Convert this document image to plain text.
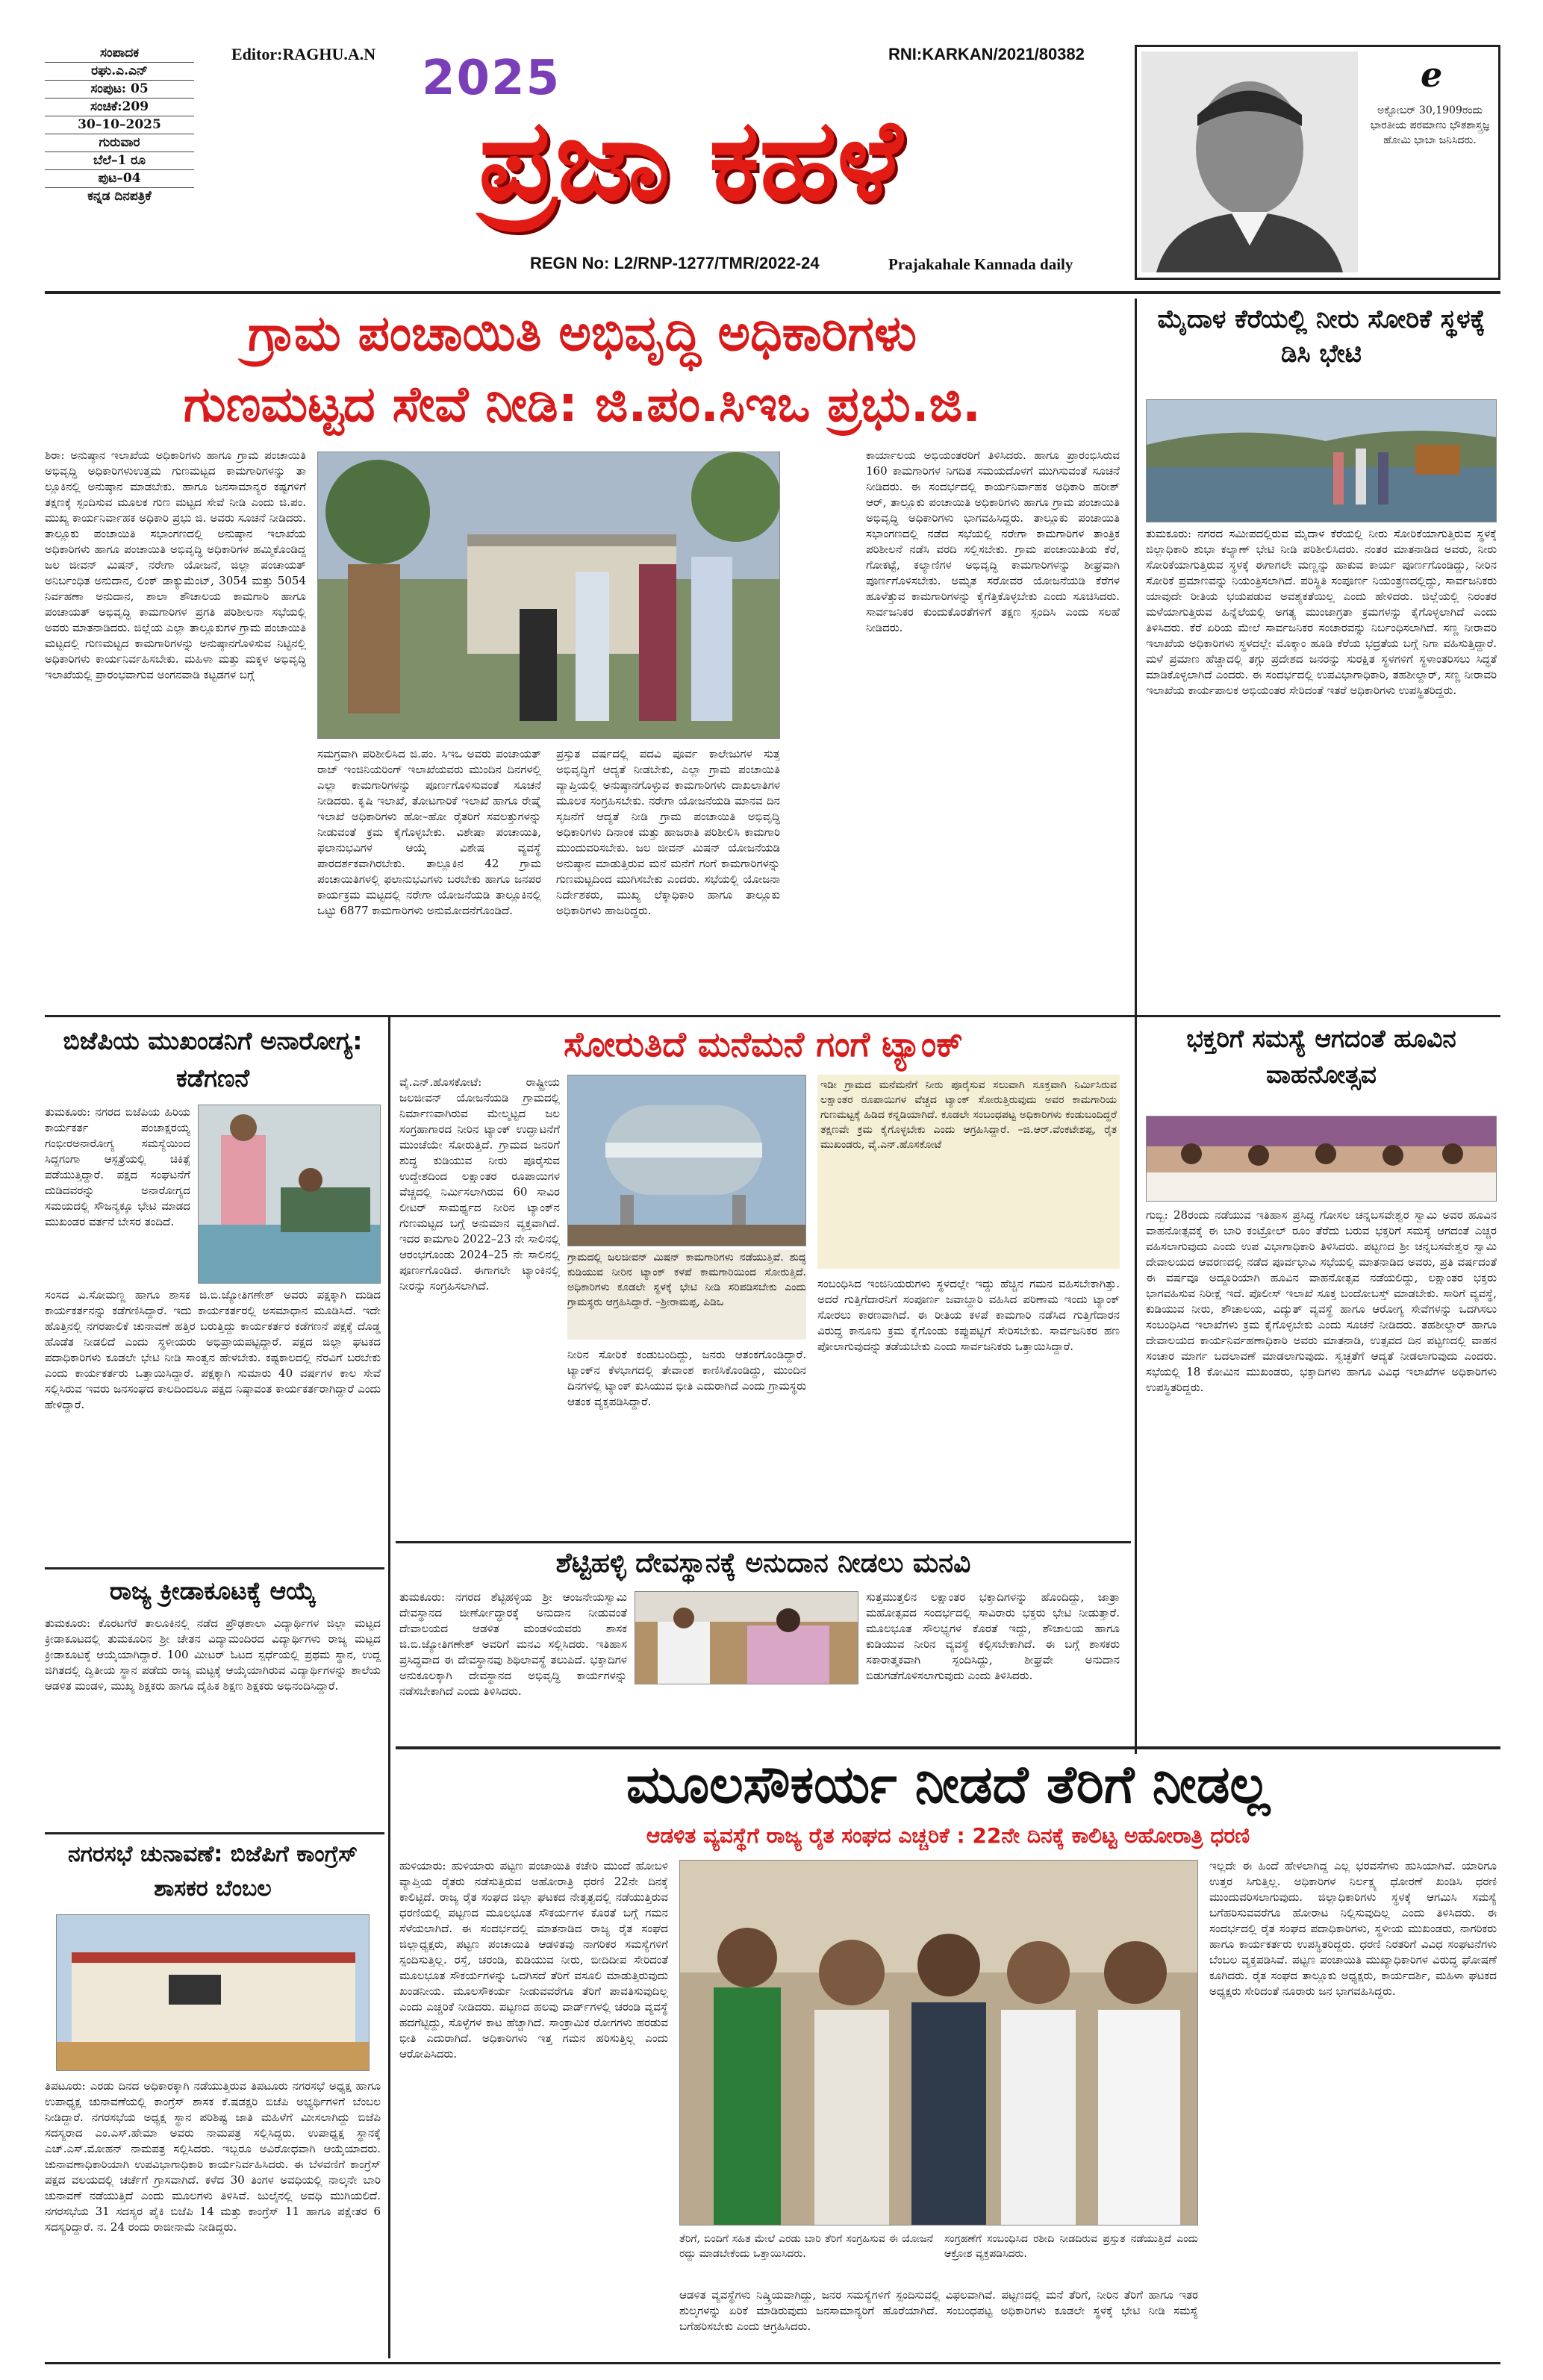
ಸಂಪಾದಕ
ರಘು.ಎ.ಎನ್
ಸಂಪುಟ: 05
ಸಂಚಿಕೆ:209
30–10–2025
ಗುರುವಾರ
ಬೆಲೆ–1 ರೂ
ಪುಟ–04
ಕನ್ನಡ ದಿನಪತ್ರಿಕೆ
Editor:RAGHU.A.N 2025
ಪ್ರಜಾ ಕಹಳೆ
RNI:KARKAN/2021/80382
REGN No: L2/RNP-1277/TMR/2022-24	Prajakahale Kannada daily
e
ಅಕ್ಟೋಬರ್ 30,1909ರಂದು ಭಾರತೀಯ ಪರಮಾಣು ಭೌತಶಾಸ್ತ್ರಜ್ಞ ಹೋಮಿ ಭಾಬಾ ಜನಿಸಿದರು.
ಗ್ರಾಮ ಪಂಚಾಯಿತಿ ಅಭಿವೃದ್ಧಿ ಅಧಿಕಾರಿಗಳು
ಗುಣಮಟ್ಟದ ಸೇವೆ ನೀಡಿ: ಜಿ.ಪಂ.ಸಿಇಒ ಪ್ರಭು.ಜಿ.
ಶಿರಾ: ಅನುಷ್ಠಾನ ಇಲಾಖೆಯ ಅಧಿಕಾರಿಗಳು ಹಾಗೂ ಗ್ರಾಮ ಪಂಚಾಯಿತಿ ಅಭಿವೃದ್ಧಿ ಅಧಿಕಾರಿಗಳುಉತ್ತಮ ಗುಣಮಟ್ಟದ ಕಾಮಗಾರಿಗಳನ್ನು ತಾ ಲ್ಲೂಕಿನಲ್ಲಿ ಅನುಷ್ಠಾನ ಮಾಡಬೇಕು. ಹಾಗೂ ಜನಸಾಮಾನ್ಯರ ಕಷ್ಟಗಳಿಗೆ ತಕ್ಷಣಕ್ಕೆ ಸ್ಪಂದಿಸುವ ಮೂಲಕ ಗುಣ ಮಟ್ಟದ ಸೇವೆ ನೀಡಿ ಎಂದು ಜಿ.ಪಂ. ಮುಖ್ಯ ಕಾರ್ಯನಿರ್ವಾಹಕ ಅಧಿಕಾರಿ ಪ್ರಭು ಜಿ. ಅವರು ಸೂಚನೆ ನೀಡಿದರು. ತಾಲ್ಲೂಕು ಪಂಚಾಯಿತಿ ಸಭಾಂಗಣದಲ್ಲಿ ಅನುಷ್ಠಾನ ಇಲಾಖೆಯ ಅಧಿಕಾರಿಗಳು ಹಾಗೂ ಪಂಚಾಯಿತಿ ಅಭಿವೃದ್ಧಿ ಅಧಿಕಾರಿಗಳ ಹಮ್ಮಿಕೊಂಡಿದ್ದ ಜಲ ಜೀವನ್ ಮಿಷನ್, ನರೇಗಾ ಯೋಜನೆ, ಜಿಲ್ಲಾ ಪಂಚಾಯತ್ ಅನಿರ್ಬಂಧಿತ ಅನುದಾನ, ಲಿಂಕ್ ಡಾಕ್ಯುಮೆಂಟ್, 3054 ಮತ್ತು 5054 ನಿರ್ವಹಣಾ ಅನುದಾನ, ಶಾಲಾ ಶೌಚಾಲಯ ಕಾಮಗಾರಿ ಹಾಗೂ ಪಂಚಾಯತ್ ಅಭಿವೃದ್ಧಿ ಕಾಮಗಾರಿಗಳ ಪ್ರಗತಿ ಪರಿಶೀಲನಾ ಸಭೆಯಲ್ಲಿ ಅವರು ಮಾತನಾಡಿದರು. ಜಿಲ್ಲೆಯ ಎಲ್ಲಾ ತಾಲ್ಲೂಕುಗಳ ಗ್ರಾಮ ಪಂಚಾಯಿತಿ ಮಟ್ಟದಲ್ಲಿ ಗುಣಮಟ್ಟದ ಕಾಮಗಾರಿಗಳನ್ನು ಅನುಷ್ಠಾನಗೊಳಿಸುವ ನಿಟ್ಟಿನಲ್ಲಿ ಅಧಿಕಾರಿಗಳು ಕಾರ್ಯನಿರ್ವಹಿಸಬೇಕು. ಮಹಿಳಾ ಮತ್ತು ಮಕ್ಕಳ ಅಭಿವೃದ್ಧಿ ಇಲಾಖೆಯಲ್ಲಿ ಪ್ರಾರಂಭವಾಗುವ ಅಂಗನವಾಡಿ ಕಟ್ಟಡಗಳ ಬಗ್ಗೆ
ಸಮಗ್ರವಾಗಿ ಪರಿಶೀಲಿಸಿದ ಜಿ.ಪಂ. ಸಿಇಒ ಅವರು ಪಂಚಾಯತ್ ರಾಜ್ ಇಂಜಿನಿಯರಿಂಗ್ ಇಲಾಖೆಯವರು ಮುಂದಿನ ದಿನಗಳಲ್ಲಿ ಎಲ್ಲಾ ಕಾಮಗಾರಿಗಳನ್ನು ಪೂರ್ಣಗೊಳಿಸುವಂತೆ ಸೂಚನೆ ನೀಡಿದರು. ಕೃಷಿ ಇಲಾಖೆ, ತೋಟಗಾರಿಕೆ ಇಲಾಖೆ ಹಾಗೂ ರೇಷ್ಮೆ ಇಲಾಖೆ ಅಧಿಕಾರಿಗಳು ಹೋ–ಹೋ ರೈತರಿಗೆ ಸವಲತ್ತುಗಳನ್ನು ನೀಡುವಂತೆ ಕ್ರಮ ಕೈಗೊಳ್ಳಬೇಕು. ವಿಶೇಷಾ ಪಂಚಾಯಿತಿ, ಫಲಾನುಭವಿಗಳ ಆಯ್ಕೆ ವಿಶೇಷ ವ್ಯವಸ್ಥೆ ಪಾರದರ್ಶಕವಾಗಿರಬೇಕು. ತಾಲ್ಲೂಕಿನ 42 ಗ್ರಾಮ ಪಂಚಾಯಿತಿಗಳಲ್ಲಿ ಫಲಾನುಭವಿಗಳು ಬರಬೇಕು ಹಾಗೂ ಜನಪರ ಕಾರ್ಯಕ್ರಮ ಮಟ್ಟದಲ್ಲಿ ನರೇಗಾ ಯೋಜನೆಯಡಿ ತಾಲ್ಲೂಕಿನಲ್ಲಿ ಒಟ್ಟು 6877 ಕಾಮಗಾರಿಗಳು ಅನುಮೋದನೆಗೊಂಡಿದೆ.
ಪ್ರಸ್ತುತ ವರ್ಷದಲ್ಲಿ ಪದವಿ ಪೂರ್ವ ಕಾಲೇಜುಗಳ ಸುತ್ತ ಅಭಿವೃದ್ಧಿಗೆ ಆದ್ಯತೆ ನೀಡಬೇಕು, ಎಲ್ಲಾ ಗ್ರಾಮ ಪಂಚಾಯಿತಿ ವ್ಯಾಪ್ತಿಯಲ್ಲಿ ಅನುಷ್ಠಾನಗೊಳ್ಳುವ ಕಾಮಗಾರಿಗಳು ದಾಖಲಾತಿಗಳ ಮೂಲಕ ಸಂಗ್ರಹಿಸಬೇಕು. ನರೇಗಾ ಯೋಜನೆಯಡಿ ಮಾನವ ದಿನ ಸೃಜನೆಗೆ ಆದ್ಯತೆ ನೀಡಿ ಗ್ರಾಮ ಪಂಚಾಯಿತಿ ಅಭಿವೃದ್ಧಿ ಅಧಿಕಾರಿಗಳು ದಿನಾಂಕ ಮತ್ತು ಹಾಜರಾತಿ ಪರಿಶೀಲಿಸಿ ಕಾಮಗಾರಿ ಮುಂದುವರಿಸಬೇಕು. ಜಲ ಜೀವನ್ ಮಿಷನ್ ಯೋಜನೆಯಡಿ ಅನುಷ್ಠಾನ ಮಾಡುತ್ತಿರುವ ಮನೆ ಮನೆಗೆ ಗಂಗೆ ಕಾಮಗಾರಿಗಳನ್ನು ಗುಣಮಟ್ಟದಿಂದ ಮುಗಿಸಬೇಕು ಎಂದರು. ಸಭೆಯಲ್ಲಿ ಯೋಜನಾ ನಿರ್ದೇಶಕರು, ಮುಖ್ಯ ಲೆಕ್ಕಾಧಿಕಾರಿ ಹಾಗೂ ತಾಲ್ಲೂಕು ಅಧಿಕಾರಿಗಳು ಹಾಜರಿದ್ದರು.
ಕಾರ್ಯಾಲಯ ಅಭಿಯಂತರರಿಗೆ ತಿಳಿಸಿದರು. ಹಾಗೂ ಪ್ರಾರಂಭಿಸಿರುವ 160 ಕಾಮಗಾರಿಗಳ ನಿಗದಿತ ಸಮಯದೊಳಗೆ ಮುಗಿಸುವಂತೆ ಸೂಚನೆ ನೀಡಿದರು. ಈ ಸಂದರ್ಭದಲ್ಲಿ ಕಾರ್ಯನಿರ್ವಾಹಕ ಅಧಿಕಾರಿ ಹರೀಶ್ ಆರ್, ತಾಲ್ಲೂಕು ಪಂಚಾಯಿತಿ ಅಧಿಕಾರಿಗಳು ಹಾಗೂ ಗ್ರಾಮ ಪಂಚಾಯಿತಿ ಅಭಿವೃದ್ಧಿ ಅಧಿಕಾರಿಗಳು ಭಾಗವಹಿಸಿದ್ದರು. ತಾಲ್ಲೂಕು ಪಂಚಾಯಿತಿ ಸಭಾಂಗಣದಲ್ಲಿ ನಡೆದ ಸಭೆಯಲ್ಲಿ ನರೇಗಾ ಕಾಮಗಾರಿಗಳ ತಾಂತ್ರಿಕ ಪರಿಶೀಲನೆ ನಡೆಸಿ ವರದಿ ಸಲ್ಲಿಸಬೇಕು. ಗ್ರಾಮ ಪಂಚಾಯಿತಿಯ ಕೆರೆ, ಗೋಕಟ್ಟೆ, ಕಲ್ಯಾಣಿಗಳ ಅಭಿವೃದ್ಧಿ ಕಾಮಗಾರಿಗಳನ್ನು ಶೀಘ್ರವಾಗಿ ಪೂರ್ಣಗೊಳಿಸಬೇಕು. ಅಮೃತ ಸರೋವರ ಯೋಜನೆಯಡಿ ಕೆರೆಗಳ ಹೂಳೆತ್ತುವ ಕಾಮಗಾರಿಗಳನ್ನು ಕೈಗೆತ್ತಿಕೊಳ್ಳಬೇಕು ಎಂದು ಸೂಚಿಸಿದರು. ಸಾರ್ವಜನಿಕರ ಕುಂದುಕೊರತೆಗಳಿಗೆ ತಕ್ಷಣ ಸ್ಪಂದಿಸಿ ಎಂದು ಸಲಹೆ ನೀಡಿದರು.
ಮೈದಾಳ ಕೆರೆಯಲ್ಲಿ ನೀರು ಸೋರಿಕೆ ಸ್ಥಳಕ್ಕೆ ಡಿಸಿ ಭೇಟಿ
ತುಮಕೂರು: ನಗರದ ಸಮೀಪದಲ್ಲಿರುವ ಮೈದಾಳ ಕೆರೆಯಲ್ಲಿ ನೀರು ಸೋರಿಕೆಯಾಗುತ್ತಿರುವ ಸ್ಥಳಕ್ಕೆ ಜಿಲ್ಲಾಧಿಕಾರಿ ಶುಭಾ ಕಲ್ಯಾಣ್ ಭೇಟಿ ನೀಡಿ ಪರಿಶೀಲಿಸಿದರು. ನಂತರ ಮಾತನಾಡಿದ ಅವರು, ನೀರು ಸೋರಿಕೆಯಾಗುತ್ತಿರುವ ಸ್ಥಳಕ್ಕೆ ಈಗಾಗಲೇ ಮಣ್ಣನ್ನು ಹಾಕುವ ಕಾರ್ಯ ಪೂರ್ಣಗೊಂಡಿದ್ದು, ನೀರಿನ ಸೋರಿಕೆ ಪ್ರಮಾಣವನ್ನು ನಿಯಂತ್ರಿಸಲಾಗಿದೆ. ಪರಿಸ್ಥಿತಿ ಸಂಪೂರ್ಣ ನಿಯಂತ್ರಣದಲ್ಲಿದ್ದು, ಸಾರ್ವಜನಿಕರು ಯಾವುದೇ ರೀತಿಯ ಭಯಪಡುವ ಅವಶ್ಯಕತೆಯಿಲ್ಲ ಎಂದು ಹೇಳಿದರು. ಜಿಲ್ಲೆಯಲ್ಲಿ ನಿರಂತರ ಮಳೆಯಾಗುತ್ತಿರುವ ಹಿನ್ನೆಲೆಯಲ್ಲಿ ಅಗತ್ಯ ಮುಂಜಾಗ್ರತಾ ಕ್ರಮಗಳನ್ನು ಕೈಗೊಳ್ಳಲಾಗಿದೆ ಎಂದು ತಿಳಿಸಿದರು. ಕೆರೆ ಏರಿಯ ಮೇಲೆ ಸಾರ್ವಜನಿಕರ ಸಂಚಾರವನ್ನು ನಿರ್ಬಂಧಿಸಲಾಗಿದೆ. ಸಣ್ಣ ನೀರಾವರಿ ಇಲಾಖೆಯ ಅಧಿಕಾರಿಗಳು ಸ್ಥಳದಲ್ಲೇ ಮೊಕ್ಕಾಂ ಹೂಡಿ ಕೆರೆಯ ಭದ್ರತೆಯ ಬಗ್ಗೆ ನಿಗಾ ವಹಿಸುತ್ತಿದ್ದಾರೆ. ಮಳೆ ಪ್ರಮಾಣ ಹೆಚ್ಚಾದಲ್ಲಿ ತಗ್ಗು ಪ್ರದೇಶದ ಜನರನ್ನು ಸುರಕ್ಷಿತ ಸ್ಥಳಗಳಿಗೆ ಸ್ಥಳಾಂತರಿಸಲು ಸಿದ್ಧತೆ ಮಾಡಿಕೊಳ್ಳಲಾಗಿದೆ ಎಂದರು. ಈ ಸಂದರ್ಭದಲ್ಲಿ ಉಪವಿಭಾಗಾಧಿಕಾರಿ, ತಹಶೀಲ್ದಾರ್, ಸಣ್ಣ ನೀರಾವರಿ ಇಲಾಖೆಯ ಕಾರ್ಯಪಾಲಕ ಅಭಿಯಂತರ ಸೇರಿದಂತೆ ಇತರೆ ಅಧಿಕಾರಿಗಳು ಉಪಸ್ಥಿತರಿದ್ದರು.
ಬಿಜೆಪಿಯ ಮುಖಂಡನಿಗೆ ಅನಾರೋಗ್ಯ: ಕಡೆಗಣನೆ
ತುಮಕೂರು: ನಗರದ ಬಿಜೆಪಿಯ ಹಿರಿಯ ಕಾರ್ಯಕರ್ತ ಪಂಚಾಕ್ಷರಯ್ಯ ಗಂಭೀರಅನಾರೋಗ್ಯ ಸಮಸ್ಯೆಯಿಂದ ಸಿದ್ದಗಂಗಾ ಆಸ್ಪತ್ರೆಯಲ್ಲಿ ಚಿಕಿತ್ಸೆ ಪಡೆಯುತ್ತಿದ್ದಾರೆ. ಪಕ್ಷದ ಸಂಘಟನೆಗೆ ದುಡಿದವರನ್ನು ಅನಾರೋಗ್ಯದ ಸಮಯದಲ್ಲಿ ಸೌಜನ್ಯಕ್ಕೂ ಭೇಟಿ ಮಾಡದ ಮುಖಂಡರ ವರ್ತನೆ ಬೇಸರ ತಂದಿದೆ.
ಸಂಸದ ವಿ.ಸೋಮಣ್ಣ ಹಾಗೂ ಶಾಸಕ ಜಿ.ಬಿ.ಜ್ಯೋತಿಗಣೇಶ್ ಅವರು ಪಕ್ಷಕ್ಕಾಗಿ ದುಡಿದ ಕಾರ್ಯಕರ್ತನನ್ನು ಕಡೆಗಣಿಸಿದ್ದಾರೆ. ಇದು ಕಾರ್ಯಕರ್ತರಲ್ಲಿ ಅಸಮಾಧಾನ ಮೂಡಿಸಿದೆ. ಇದೇ ಹೊತ್ತಿನಲ್ಲಿ ನಗರಪಾಲಿಕೆ ಚುನಾವಣೆ ಹತ್ತಿರ ಬರುತ್ತಿದ್ದು ಕಾರ್ಯಕರ್ತರ ಕಡೆಗಣನೆ ಪಕ್ಷಕ್ಕೆ ದೊಡ್ಡ ಹೊಡೆತ ನೀಡಲಿದೆ ಎಂದು ಸ್ಥಳೀಯರು ಅಭಿಪ್ರಾಯಪಟ್ಟಿದ್ದಾರೆ. ಪಕ್ಷದ ಜಿಲ್ಲಾ ಘಟಕದ ಪದಾಧಿಕಾರಿಗಳು ಕೂಡಲೇ ಭೇಟಿ ನೀಡಿ ಸಾಂತ್ವನ ಹೇಳಬೇಕು. ಕಷ್ಟಕಾಲದಲ್ಲಿ ನೆರವಿಗೆ ಬರಬೇಕು ಎಂದು ಕಾರ್ಯಕರ್ತರು ಒತ್ತಾಯಿಸಿದ್ದಾರೆ. ಪಕ್ಷಕ್ಕಾಗಿ ಸುಮಾರು 40 ವರ್ಷಗಳ ಕಾಲ ಸೇವೆ ಸಲ್ಲಿಸಿರುವ ಇವರು ಜನಸಂಘದ ಕಾಲದಿಂದಲೂ ಪಕ್ಷದ ನಿಷ್ಠಾವಂತ ಕಾರ್ಯಕರ್ತರಾಗಿದ್ದಾರೆ ಎಂದು ಹೇಳಿದ್ದಾರೆ.
ರಾಜ್ಯ ಕ್ರೀಡಾಕೂಟಕ್ಕೆ ಆಯ್ಕೆ
ತುಮಕೂರು: ಕೊರಟಗೆರೆ ತಾಲೂಕಿನಲ್ಲಿ ನಡೆದ ಪ್ರೌಢಶಾಲಾ ವಿದ್ಯಾರ್ಥಿಗಳ ಜಿಲ್ಲಾ ಮಟ್ಟದ ಕ್ರೀಡಾಕೂಟದಲ್ಲಿ ತುಮಕೂರಿನ ಶ್ರೀ ಚೇತನ ವಿದ್ಯಾಮಂದಿರದ ವಿದ್ಯಾರ್ಥಿಗಳು ರಾಜ್ಯ ಮಟ್ಟದ ಕ್ರೀಡಾಕೂಟಕ್ಕೆ ಆಯ್ಕೆಯಾಗಿದ್ದಾರೆ. 100 ಮೀಟರ್ ಓಟದ ಸ್ಪರ್ಧೆಯಲ್ಲಿ ಪ್ರಥಮ ಸ್ಥಾನ, ಉದ್ದ ಜಿಗಿತದಲ್ಲಿ ದ್ವಿತೀಯ ಸ್ಥಾನ ಪಡೆದು ರಾಜ್ಯ ಮಟ್ಟಕ್ಕೆ ಆಯ್ಕೆಯಾಗಿರುವ ವಿದ್ಯಾರ್ಥಿಗಳನ್ನು ಶಾಲೆಯ ಆಡಳಿತ ಮಂಡಳಿ, ಮುಖ್ಯ ಶಿಕ್ಷಕರು ಹಾಗೂ ದೈಹಿಕ ಶಿಕ್ಷಣ ಶಿಕ್ಷಕರು ಅಭಿನಂದಿಸಿದ್ದಾರೆ.
ನಗರಸಭೆ ಚುನಾವಣೆ: ಬಿಜೆಪಿಗೆ ಕಾಂಗ್ರೆಸ್ ಶಾಸಕರ ಬೆಂಬಲ
ತಿಪಟೂರು: ಎರಡು ದಿನದ ಅಧಿಕಾರಕ್ಕಾಗಿ ನಡೆಯುತ್ತಿರುವ ತಿಪಟೂರು ನಗರಸಭೆ ಅಧ್ಯಕ್ಷ ಹಾಗೂ ಉಪಾಧ್ಯಕ್ಷ ಚುನಾವಣೆಯಲ್ಲಿ ಕಾಂಗ್ರೆಸ್ ಶಾಸಕ ಕೆ.ಷಡಕ್ಷರಿ ಬಿಜೆಪಿ ಅಭ್ಯರ್ಥಿಗಳಿಗೆ ಬೆಂಬಲ ನೀಡಿದ್ದಾರೆ. ನಗರಸಭೆಯ ಅಧ್ಯಕ್ಷ ಸ್ಥಾನ ಪರಿಶಿಷ್ಟ ಜಾತಿ ಮಹಿಳೆಗೆ ಮೀಸಲಾಗಿದ್ದು ಬಿಜೆಪಿ ಸದಸ್ಯರಾದ ಎಂ.ಎಸ್.ಹೇಮಾ ಅವರು ನಾಮಪತ್ರ ಸಲ್ಲಿಸಿದ್ದರು. ಉಪಾಧ್ಯಕ್ಷ ಸ್ಥಾನಕ್ಕೆ ಎಚ್.ಎಸ್.ಮೋಹನ್ ನಾಮಪತ್ರ ಸಲ್ಲಿಸಿದರು. ಇಬ್ಬರೂ ಅವಿರೋಧವಾಗಿ ಆಯ್ಕೆಯಾದರು. ಚುನಾವಣಾಧಿಕಾರಿಯಾಗಿ ಉಪವಿಭಾಗಾಧಿಕಾರಿ ಕಾರ್ಯನಿರ್ವಹಿಸಿದರು. ಈ ಬೆಳವಣಿಗೆ ಕಾಂಗ್ರೆಸ್ ಪಕ್ಷದ ವಲಯದಲ್ಲಿ ಚರ್ಚೆಗೆ ಗ್ರಾಸವಾಗಿದೆ. ಕಳೆದ 30 ತಿಂಗಳ ಅವಧಿಯಲ್ಲಿ ನಾಲ್ಕನೇ ಬಾರಿ ಚುನಾವಣೆ ನಡೆಯುತ್ತಿದೆ ಎಂದು ಮೂಲಗಳು ತಿಳಿಸಿವೆ. ಜುಲೈನಲ್ಲಿ ಅವಧಿ ಮುಗಿಯಲಿದೆ. ನಗರಸಭೆಯ 31 ಸದಸ್ಯರ ಪೈಕಿ ಬಿಜೆಪಿ 14 ಮತ್ತು ಕಾಂಗ್ರೆಸ್ 11 ಹಾಗೂ ಪಕ್ಷೇತರ 6 ಸದಸ್ಯರಿದ್ದಾರೆ. ನ. 24 ರಂದು ರಾಜೀನಾಮೆ ನೀಡಿದ್ದರು.
ಸೋರುತಿದೆ ಮನೆಮನೆ ಗಂಗೆ ಟ್ಯಾಂಕ್
ವೈ.ಎನ್.ಹೊಸಕೋಟೆ: ರಾಷ್ಟ್ರೀಯ ಜಲಜೀವನ್ ಯೋಜನೆಯಡಿ ಗ್ರಾಮದಲ್ಲಿ ನಿರ್ಮಾಣವಾಗಿರುವ ಮೇಲ್ಮಟ್ಟದ ಜಲ ಸಂಗ್ರಹಾಗಾರದ ನೀರಿನ ಟ್ಯಾಂಕ್ ಉದ್ಘಾಟನೆಗೆ ಮುಂಚೆಯೇ ಸೋರುತ್ತಿದೆ. ಗ್ರಾಮದ ಜನರಿಗೆ ಶುದ್ಧ ಕುಡಿಯುವ ನೀರು ಪೂರೈಸುವ ಉದ್ದೇಶದಿಂದ ಲಕ್ಷಾಂತರ ರೂಪಾಯಿಗಳ ವೆಚ್ಚದಲ್ಲಿ ನಿರ್ಮಿಸಲಾಗಿರುವ 60 ಸಾವಿರ ಲೀಟರ್ ಸಾಮರ್ಥ್ಯದ ನೀರಿನ ಟ್ಯಾಂಕ್‌ನ ಗುಣಮಟ್ಟದ ಬಗ್ಗೆ ಅನುಮಾನ ವ್ಯಕ್ತವಾಗಿದೆ. ಇದರ ಕಾಮಗಾರಿ 2022–23 ನೇ ಸಾಲಿನಲ್ಲಿ ಆರಂಭಗೊಂಡು 2024–25 ನೇ ಸಾಲಿನಲ್ಲಿ ಪೂರ್ಣಗೊಂಡಿದೆ. ಈಗಾಗಲೇ ಟ್ಯಾಂಕಿನಲ್ಲಿ ನೀರನ್ನು ಸಂಗ್ರಹಿಸಲಾಗಿದೆ.
ಗ್ರಾಮದಲ್ಲಿ ಜಲಜೀವನ್ ಮಿಷನ್ ಕಾಮಗಾರಿಗಳು ನಡೆಯುತ್ತಿವೆ. ಶುದ್ಧ ಕುಡಿಯುವ ನೀರಿನ ಟ್ಯಾಂಕ್ ಕಳಪೆ ಕಾಮಗಾರಿಯಿಂದ ಸೋರುತ್ತಿದೆ. ಅಧಿಕಾರಿಗಳು ಕೂಡಲೇ ಸ್ಥಳಕ್ಕೆ ಭೇಟಿ ನೀಡಿ ಸರಿಪಡಿಸಬೇಕು ಎಂದು ಗ್ರಾಮಸ್ಥರು ಆಗ್ರಹಿಸಿದ್ದಾರೆ. –ಶ್ರೀರಾಮಪ್ಪ, ಪಿಡಿಒ
ಇಡೀ ಗ್ರಾಮದ ಮನೆಮನೆಗೆ ನೀರು ಪೂರೈಸುವ ಸಲುವಾಗಿ ಸೂಕ್ತವಾಗಿ ನಿರ್ಮಿಸಿರುವ ಲಕ್ಷಾಂತರ ರೂಪಾಯಿಗಳ ವೆಚ್ಚದ ಟ್ಯಾಂಕ್ ಸೋರುತ್ತಿರುವುದು ಅವರ ಕಾಮಗಾರಿಯ ಗುಣಮಟ್ಟಕ್ಕೆ ಹಿಡಿದ ಕನ್ನಡಿಯಾಗಿದೆ. ಕೂಡಲೇ ಸಂಬಂಧಪಟ್ಟ ಅಧಿಕಾರಿಗಳು ಕಂಡುಬಂದಿದ್ದರೆ ತಕ್ಷಣವೇ ಕ್ರಮ ಕೈಗೊಳ್ಳಬೇಕು ಎಂದು ಆಗ್ರಹಿಸಿದ್ದಾರೆ. –ಜಿ.ಆರ್.ವೆಂಕಟೇಶಪ್ಪ, ರೈತ ಮುಖಂಡರು, ವೈ.ಎನ್.ಹೊಸಕೋಟೆ
ಸಂಬಂಧಿಸಿದ ಇಂಜಿನಿಯರುಗಳು ಸ್ಥಳದಲ್ಲೇ ಇದ್ದು ಹೆಚ್ಚಿನ ಗಮನ ವಹಿಸಬೇಕಾಗಿತ್ತು. ಅದರೆ ಗುತ್ತಿಗೆದಾರನಿಗೆ ಸಂಪೂರ್ಣ ಜವಾಬ್ದಾರಿ ವಹಿಸಿದ ಪರಿಣಾಮ ಇಂದು ಟ್ಯಾಂಕ್ ಸೋರಲು ಕಾರಣವಾಗಿದೆ. ಈ ರೀತಿಯ ಕಳಪೆ ಕಾಮಗಾರಿ ನಡೆಸಿದ ಗುತ್ತಿಗೆದಾರನ ವಿರುದ್ಧ ಕಾನೂನು ಕ್ರಮ ಕೈಗೊಂಡು ಕಪ್ಪುಪಟ್ಟಿಗೆ ಸೇರಿಸಬೇಕು. ಸಾರ್ವಜನಿಕರ ಹಣ ಪೋಲಾಗುವುದನ್ನು ತಡೆಯಬೇಕು ಎಂದು ಸಾರ್ವಜನಿಕರು ಒತ್ತಾಯಿಸಿದ್ದಾರೆ.
ನೀರಿನ ಸೋರಿಕೆ ಕಂಡುಬಂದಿದ್ದು, ಜನರು ಆತಂಕಗೊಂಡಿದ್ದಾರೆ. ಟ್ಯಾಂಕ್‌ನ ಕೆಳಭಾಗದಲ್ಲಿ ತೇವಾಂಶ ಕಾಣಿಸಿಕೊಂಡಿದ್ದು, ಮುಂದಿನ ದಿನಗಳಲ್ಲಿ ಟ್ಯಾಂಕ್ ಕುಸಿಯುವ ಭೀತಿ ಎದುರಾಗಿದೆ ಎಂದು ಗ್ರಾಮಸ್ಥರು ಆತಂಕ ವ್ಯಕ್ತಪಡಿಸಿದ್ದಾರೆ.
ಶೆಟ್ಟಿಹಳ್ಳಿ ದೇವಸ್ಥಾನಕ್ಕೆ ಅನುದಾನ ನೀಡಲು ಮನವಿ
ತುಮಕೂರು: ನಗರದ ಶೆಟ್ಟಿಹಳ್ಳಿಯ ಶ್ರೀ ಆಂಜನೇಯಸ್ವಾಮಿ ದೇವಸ್ಥಾನದ ಜೀರ್ಣೋದ್ಧಾರಕ್ಕೆ ಅನುದಾನ ನೀಡುವಂತೆ ದೇವಾಲಯದ ಆಡಳಿತ ಮಂಡಳಿಯವರು ಶಾಸಕ ಜಿ.ಬಿ.ಜ್ಯೋತಿಗಣೇಶ್ ಅವರಿಗೆ ಮನವಿ ಸಲ್ಲಿಸಿದರು. ಇತಿಹಾಸ ಪ್ರಸಿದ್ಧವಾದ ಈ ದೇವಸ್ಥಾನವು ಶಿಥಿಲಾವಸ್ಥೆ ತಲುಪಿದೆ. ಭಕ್ತಾದಿಗಳ ಅನುಕೂಲಕ್ಕಾಗಿ ದೇವಸ್ಥಾನದ ಅಭಿವೃದ್ಧಿ ಕಾರ್ಯಗಳನ್ನು ನಡೆಸಬೇಕಾಗಿದೆ ಎಂದು ತಿಳಿಸಿದರು.
ಸುತ್ತಮುತ್ತಲಿನ ಲಕ್ಷಾಂತರ ಭಕ್ತಾದಿಗಳನ್ನು ಹೊಂದಿದ್ದು, ಜಾತ್ರಾ ಮಹೋತ್ಸವದ ಸಂದರ್ಭದಲ್ಲಿ ಸಾವಿರಾರು ಭಕ್ತರು ಭೇಟಿ ನೀಡುತ್ತಾರೆ. ಮೂಲಭೂತ ಸೌಲಭ್ಯಗಳ ಕೊರತೆ ಇದ್ದು, ಶೌಚಾಲಯ ಹಾಗೂ ಕುಡಿಯುವ ನೀರಿನ ವ್ಯವಸ್ಥೆ ಕಲ್ಪಿಸಬೇಕಾಗಿದೆ. ಈ ಬಗ್ಗೆ ಶಾಸಕರು ಸಕಾರಾತ್ಮಕವಾಗಿ ಸ್ಪಂದಿಸಿದ್ದು, ಶೀಘ್ರವೇ ಅನುದಾನ ಬಿಡುಗಡೆಗೊಳಿಸಲಾಗುವುದು ಎಂದು ತಿಳಿಸಿದರು.
ಭಕ್ತರಿಗೆ ಸಮಸ್ಯೆ ಆಗದಂತೆ ಹೂವಿನ ವಾಹನೋತ್ಸವ
ಗುಬ್ಬಿ: 28ರಂದು ನಡೆಯುವ ಇತಿಹಾಸ ಪ್ರಸಿದ್ಧ ಗೋಸಲ ಚನ್ನಬಸವೇಶ್ವರ ಸ್ವಾಮಿ ಅವರ ಹೂವಿನ ವಾಹನೋತ್ಸವಕ್ಕೆ ಈ ಬಾರಿ ಕಂಟ್ರೋಲ್ ರೂಂ ತೆರೆದು ಬರುವ ಭಕ್ತರಿಗೆ ಸಮಸ್ಯೆ ಆಗದಂತೆ ಎಚ್ಚರ ವಹಿಸಲಾಗುವುದು ಎಂದು ಉಪ ವಿಭಾಗಾಧಿಕಾರಿ ತಿಳಿಸಿದರು. ಪಟ್ಟಣದ ಶ್ರೀ ಚನ್ನಬಸವೇಶ್ವರ ಸ್ವಾಮಿ ದೇವಾಲಯದ ಆವರಣದಲ್ಲಿ ನಡೆದ ಪೂರ್ವಭಾವಿ ಸಭೆಯಲ್ಲಿ ಮಾತನಾಡಿದ ಅವರು, ಪ್ರತಿ ವರ್ಷದಂತೆ ಈ ವರ್ಷವೂ ಅದ್ದೂರಿಯಾಗಿ ಹೂವಿನ ವಾಹನೋತ್ಸವ ನಡೆಯಲಿದ್ದು, ಲಕ್ಷಾಂತರ ಭಕ್ತರು ಭಾಗವಹಿಸುವ ನಿರೀಕ್ಷೆ ಇದೆ. ಪೊಲೀಸ್ ಇಲಾಖೆ ಸೂಕ್ತ ಬಂದೋಬಸ್ತ್ ಮಾಡಬೇಕು. ಸಾರಿಗೆ ವ್ಯವಸ್ಥೆ, ಕುಡಿಯುವ ನೀರು, ಶೌಚಾಲಯ, ವಿದ್ಯುತ್ ವ್ಯವಸ್ಥೆ ಹಾಗೂ ಆರೋಗ್ಯ ಸೇವೆಗಳನ್ನು ಒದಗಿಸಲು ಸಂಬಂಧಿಸಿದ ಇಲಾಖೆಗಳು ಕ್ರಮ ಕೈಗೊಳ್ಳಬೇಕು ಎಂದು ಸೂಚನೆ ನೀಡಿದರು. ತಹಶೀಲ್ದಾರ್ ಹಾಗೂ ದೇವಾಲಯದ ಕಾರ್ಯನಿರ್ವಹಣಾಧಿಕಾರಿ ಅವರು ಮಾತನಾಡಿ, ಉತ್ಸವದ ದಿನ ಪಟ್ಟಣದಲ್ಲಿ ವಾಹನ ಸಂಚಾರ ಮಾರ್ಗ ಬದಲಾವಣೆ ಮಾಡಲಾಗುವುದು. ಸ್ವಚ್ಛತೆಗೆ ಆದ್ಯತೆ ನೀಡಲಾಗುವುದು ಎಂದರು. ಸಭೆಯಲ್ಲಿ 18 ಕೋಮಿನ ಮುಖಂಡರು, ಭಕ್ತಾದಿಗಳು ಹಾಗೂ ವಿವಿಧ ಇಲಾಖೆಗಳ ಅಧಿಕಾರಿಗಳು ಉಪಸ್ಥಿತರಿದ್ದರು.
ಮೂಲಸೌಕರ್ಯ ನೀಡದೆ ತೆರಿಗೆ ನೀಡಲ್ಲ
ಆಡಳಿತ ವ್ಯವಸ್ಥೆಗೆ ರಾಜ್ಯ ರೈತ ಸಂಘದ ಎಚ್ಚರಿಕೆ : 22ನೇ ದಿನಕ್ಕೆ ಕಾಲಿಟ್ಟ ಅಹೋರಾತ್ರಿ ಧರಣಿ
ಹುಳಿಯಾರು: ಹುಳಿಯಾರು ಪಟ್ಟಣ ಪಂಚಾಯಿತಿ ಕಚೇರಿ ಮುಂದೆ ಹೋಬಳಿ ವ್ಯಾಪ್ತಿಯ ರೈತರು ನಡೆಸುತ್ತಿರುವ ಅಹೋರಾತ್ರಿ ಧರಣಿ 22ನೇ ದಿನಕ್ಕೆ ಕಾಲಿಟ್ಟಿದೆ. ರಾಜ್ಯ ರೈತ ಸಂಘದ ಜಿಲ್ಲಾ ಘಟಕದ ನೇತೃತ್ವದಲ್ಲಿ ನಡೆಯುತ್ತಿರುವ ಧರಣಿಯಲ್ಲಿ ಪಟ್ಟಣದ ಮೂಲಭೂತ ಸೌಕರ್ಯಗಳ ಕೊರತೆ ಬಗ್ಗೆ ಗಮನ ಸೆಳೆಯಲಾಗಿದೆ. ಈ ಸಂದರ್ಭದಲ್ಲಿ ಮಾತನಾಡಿದ ರಾಜ್ಯ ರೈತ ಸಂಘದ ಜಿಲ್ಲಾಧ್ಯಕ್ಷರು, ಪಟ್ಟಣ ಪಂಚಾಯಿತಿ ಆಡಳಿತವು ನಾಗರಿಕರ ಸಮಸ್ಯೆಗಳಿಗೆ ಸ್ಪಂದಿಸುತ್ತಿಲ್ಲ. ರಸ್ತೆ, ಚರಂಡಿ, ಕುಡಿಯುವ ನೀರು, ಬೀದಿದೀಪ ಸೇರಿದಂತೆ ಮೂಲಭೂತ ಸೌಕರ್ಯಗಳನ್ನು ಒದಗಿಸದೆ ತೆರಿಗೆ ವಸೂಲಿ ಮಾಡುತ್ತಿರುವುದು ಖಂಡನೀಯ. ಮೂಲಸೌಕರ್ಯ ನೀಡುವವರೆಗೂ ತೆರಿಗೆ ಪಾವತಿಸುವುದಿಲ್ಲ ಎಂದು ಎಚ್ಚರಿಕೆ ನೀಡಿದರು. ಪಟ್ಟಣದ ಹಲವು ವಾರ್ಡ್‌ಗಳಲ್ಲಿ ಚರಂಡಿ ವ್ಯವಸ್ಥೆ ಹದಗೆಟ್ಟಿದ್ದು, ಸೊಳ್ಳೆಗಳ ಕಾಟ ಹೆಚ್ಚಾಗಿದೆ. ಸಾಂಕ್ರಾಮಿಕ ರೋಗಗಳು ಹರಡುವ ಭೀತಿ ಎದುರಾಗಿದೆ. ಅಧಿಕಾರಿಗಳು ಇತ್ತ ಗಮನ ಹರಿಸುತ್ತಿಲ್ಲ ಎಂದು ಆರೋಪಿಸಿದರು.
ತೆರಿಗೆ, ಬಿಂದಿಗೆ ಸಹಿತ ಮೇಲೆ ಎರಡು ಬಾರಿ ತೆರಿಗೆ ಸಂಗ್ರಹಿಸುವ ಈ ಯೋಜನೆ ರದ್ದು ಮಾಡಬೇಕೆಂದು ಒತ್ತಾಯಿಸಿದರು.
ಸಂಗ್ರಹಣೆಗೆ ಸಂಬಂಧಿಸಿದ ರಶೀದಿ ನೀಡದಿರುವ ಪ್ರಸ್ತುತ ನಡೆಯುತ್ತಿದೆ ಎಂದು ಆಕ್ರೋಶ ವ್ಯಕ್ತಪಡಿಸಿದರು.
ಆಡಳಿತ ವ್ಯವಸ್ಥೆಗಳು ನಿಷ್ಕ್ರಿಯವಾಗಿದ್ದು, ಜನರ ಸಮಸ್ಯೆಗಳಿಗೆ ಸ್ಪಂದಿಸುವಲ್ಲಿ ವಿಫಲವಾಗಿವೆ. ಪಟ್ಟಣದಲ್ಲಿ ಮನೆ ತೆರಿಗೆ, ನೀರಿನ ತೆರಿಗೆ ಹಾಗೂ ಇತರ ಶುಲ್ಕಗಳನ್ನು ಏರಿಕೆ ಮಾಡಿರುವುದು ಜನಸಾಮಾನ್ಯರಿಗೆ ಹೊರೆಯಾಗಿದೆ. ಸಂಬಂಧಪಟ್ಟ ಅಧಿಕಾರಿಗಳು ಕೂಡಲೇ ಸ್ಥಳಕ್ಕೆ ಭೇಟಿ ನೀಡಿ ಸಮಸ್ಯೆ ಬಗೆಹರಿಸಬೇಕು ಎಂದು ಆಗ್ರಹಿಸಿದರು.
ಇಲ್ಲದೇ ಈ ಹಿಂದೆ ಹೇಳಲಾಗಿದ್ದ ಎಲ್ಲ ಭರವಸೆಗಳು ಹುಸಿಯಾಗಿವೆ. ಯಾರಿಗೂ ಉತ್ತರ ಸಿಗುತ್ತಿಲ್ಲ. ಅಧಿಕಾರಿಗಳ ನಿರ್ಲಕ್ಷ್ಯ ಧೋರಣೆ ಖಂಡಿಸಿ ಧರಣಿ ಮುಂದುವರಿಸಲಾಗುವುದು. ಜಿಲ್ಲಾಧಿಕಾರಿಗಳು ಸ್ಥಳಕ್ಕೆ ಆಗಮಿಸಿ ಸಮಸ್ಯೆ ಬಗೆಹರಿಸುವವರೆಗೂ ಹೋರಾಟ ನಿಲ್ಲಿಸುವುದಿಲ್ಲ ಎಂದು ತಿಳಿಸಿದರು. ಈ ಸಂದರ್ಭದಲ್ಲಿ ರೈತ ಸಂಘದ ಪದಾಧಿಕಾರಿಗಳು, ಸ್ಥಳೀಯ ಮುಖಂಡರು, ನಾಗರಿಕರು ಹಾಗೂ ಕಾರ್ಯಕರ್ತರು ಉಪಸ್ಥಿತರಿದ್ದರು. ಧರಣಿ ನಿರತರಿಗೆ ವಿವಿಧ ಸಂಘಟನೆಗಳು ಬೆಂಬಲ ವ್ಯಕ್ತಪಡಿಸಿವೆ. ಪಟ್ಟಣ ಪಂಚಾಯಿತಿ ಮುಖ್ಯಾಧಿಕಾರಿಗಳ ವಿರುದ್ಧ ಘೋಷಣೆ ಕೂಗಿದರು. ರೈತ ಸಂಘದ ತಾಲ್ಲೂಕು ಅಧ್ಯಕ್ಷರು, ಕಾರ್ಯದರ್ಶಿ, ಮಹಿಳಾ ಘಟಕದ ಅಧ್ಯಕ್ಷರು ಸೇರಿದಂತೆ ನೂರಾರು ಜನ ಭಾಗವಹಿಸಿದ್ದರು.
